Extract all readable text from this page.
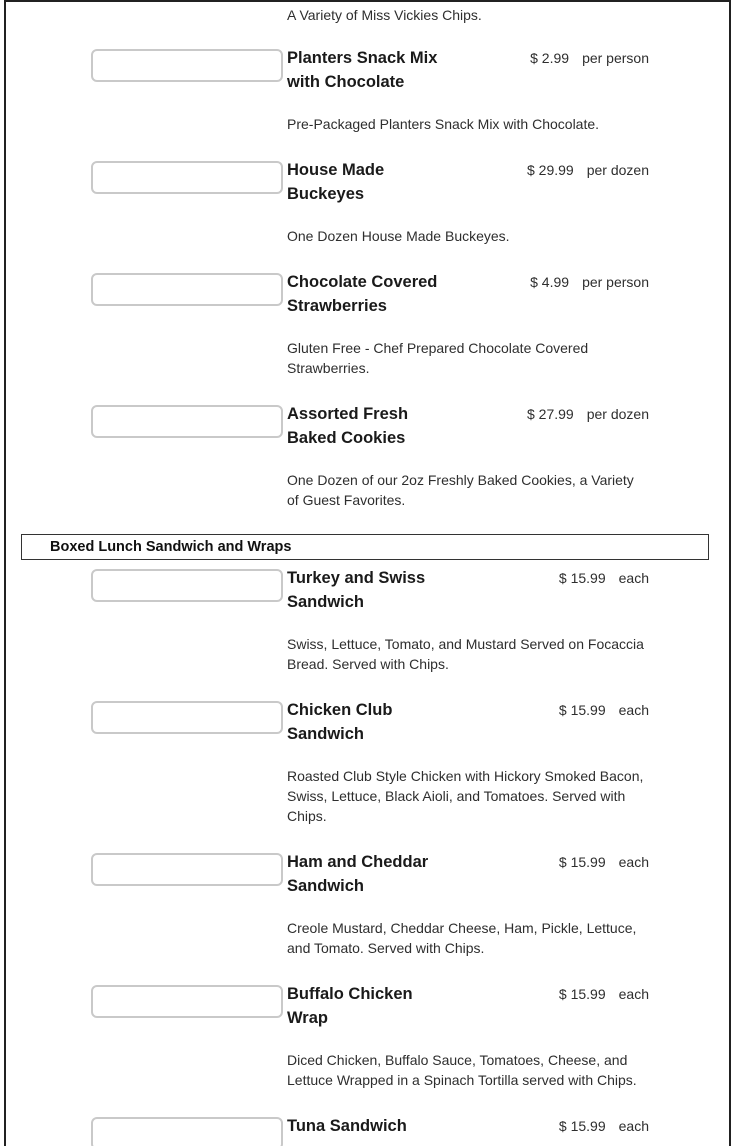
A Variety of Miss Vickies Chips.

Planters Snack Mix with Chocolate
$ 2.99 per person

Pre-Packaged Planters Snack Mix with Chocolate.

House Made Buckeyes
$ 29.99 per dozen

One Dozen House Made Buckeyes.

Chocolate Covered Strawberries
$ 4.99 per person

Gluten Free - Chef Prepared Chocolate Covered Strawberries.

Assorted Fresh Baked Cookies
$ 27.99 per dozen

One Dozen of our 2oz Freshly Baked Cookies, a Variety of Guest Favorites.

Boxed Lunch Sandwich and Wraps
Turkey and Swiss Sandwich
$ 15.99 each

Swiss, Lettuce, Tomato, and Mustard Served on Focaccia Bread. Served with Chips.

Chicken Club Sandwich
$ 15.99 each

Roasted Club Style Chicken with Hickory Smoked Bacon, Swiss, Lettuce, Black Aioli, and Tomatoes. Served with Chips.

Ham and Cheddar Sandwich
$ 15.99 each

Creole Mustard, Cheddar Cheese, Ham, Pickle, Lettuce, and Tomato. Served with Chips.

Buffalo Chicken Wrap
$ 15.99 each

Diced Chicken, Buffalo Sauce, Tomatoes, Cheese, and Lettuce Wrapped in a Spinach Tortilla served with Chips.

Tuna Sandwich	$ 15.99 each
